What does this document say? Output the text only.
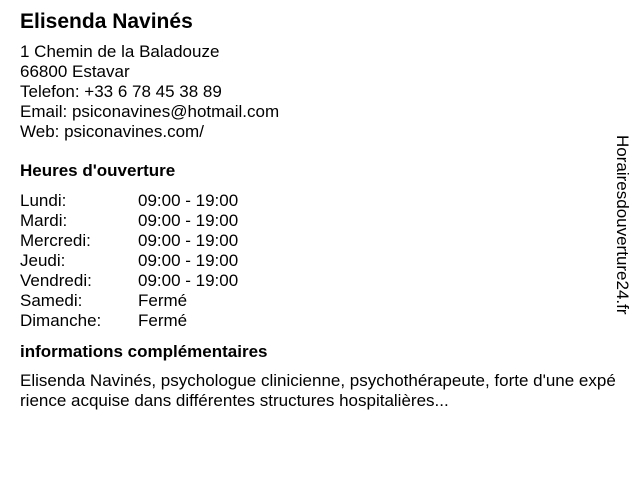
Elisenda Navinés
1 Chemin de la Baladouze
66800 Estavar
Telefon: +33 6 78 45 38 89
Email: psiconavines@hotmail.com
Web: psiconavines.com/
Heures d'ouverture
Lundi:	09:00 - 19:00
Mardi:	09:00 - 19:00
Mercredi:	09:00 - 19:00
Jeudi:	09:00 - 19:00
Vendredi:	09:00 - 19:00
Samedi:	Fermé
Dimanche:	Fermé
informations complémentaires
Elisenda Navinés, psychologue clinicienne, psychothérapeute, forte d'une expérience acquise dans différentes structures hospitalières...
Horairesdouverture24.fr
